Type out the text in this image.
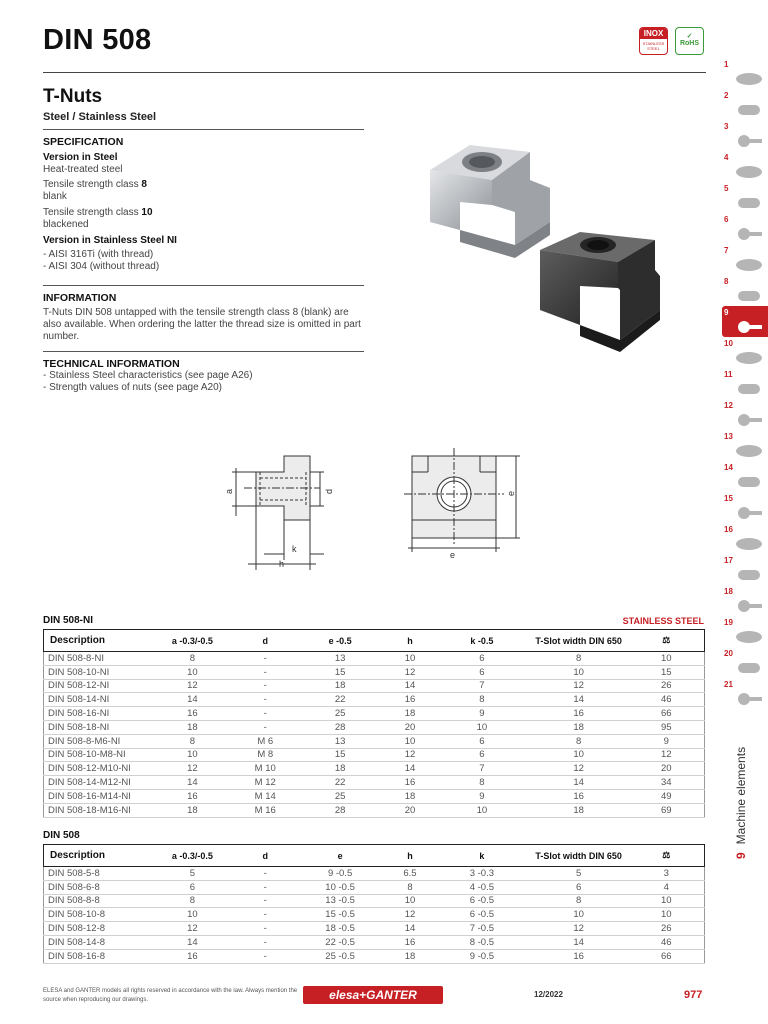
DIN 508	INOX
STAINLESS STEEL
✓
RoHS
T-Nuts
Steel / Stainless Steel
SPECIFICATION
Version in Steel
Heat-treated steel
Tensile strength class 8
blank
Tensile strength class 10
blackened
Version in Stainless Steel NI
- AISI 316Ti (with thread)
- AISI 304 (without thread)
INFORMATION
T-Nuts DIN 508 untapped with the tensile strength class 8 (blank) are also available. When ordering the latter the thread size is omitted in part number.
TECHNICAL INFORMATION
- Stainless Steel characteristics (see page A26)
- Strength values of nuts (see page A20)
a	d
k
h
e
e
DIN 508-NI	STAINLESS STEEL
Description	a -0.3/-0.5	d	e -0.5	h	k -0.5	T-Slot width DIN 650	⚖
DIN 508-8-NI	8	-	13	10	6	8	10
DIN 508-10-NI	10	-	15	12	6	10	15
DIN 508-12-NI	12	-	18	14	7	12	26
DIN 508-14-NI	14	-	22	16	8	14	46
DIN 508-16-NI	16	-	25	18	9	16	66
DIN 508-18-NI	18	-	28	20	10	18	95
DIN 508-8-M6-NI	8	M 6	13	10	6	8	9
DIN 508-10-M8-NI	10	M 8	15	12	6	10	12
DIN 508-12-M10-NI	12	M 10	18	14	7	12	20
DIN 508-14-M12-NI	14	M 12	22	16	8	14	34
DIN 508-16-M14-NI	16	M 14	25	18	9	16	49
DIN 508-18-M16-NI	18	M 16	28	20	10	18	69
DIN 508
Description	a -0.3/-0.5	d	e	h	k	T-Slot width DIN 650	⚖
DIN 508-5-8	5	-	9 -0.5	6.5	3 -0.3	5	3
DIN 508-6-8	6	-	10 -0.5	8	4 -0.5	6	4
DIN 508-8-8	8	-	13 -0.5	10	6 -0.5	8	10
DIN 508-10-8	10	-	15 -0.5	12	6 -0.5	10	10
DIN 508-12-8	12	-	18 -0.5	14	7 -0.5	12	26
DIN 508-14-8	14	-	22 -0.5	16	8 -0.5	14	46
DIN 508-16-8	16	-	25 -0.5	18	9 -0.5	16	66
1
2
3
4
5
6
7
8
9
10
11
12
13
14
15
16
17
18
19
20
21
9Machine elements
ELESA and GANTER models all rights reserved in accordance with the law. Always mention the source when reproducing our drawings.	elesa+GANTER	12/2022	977
